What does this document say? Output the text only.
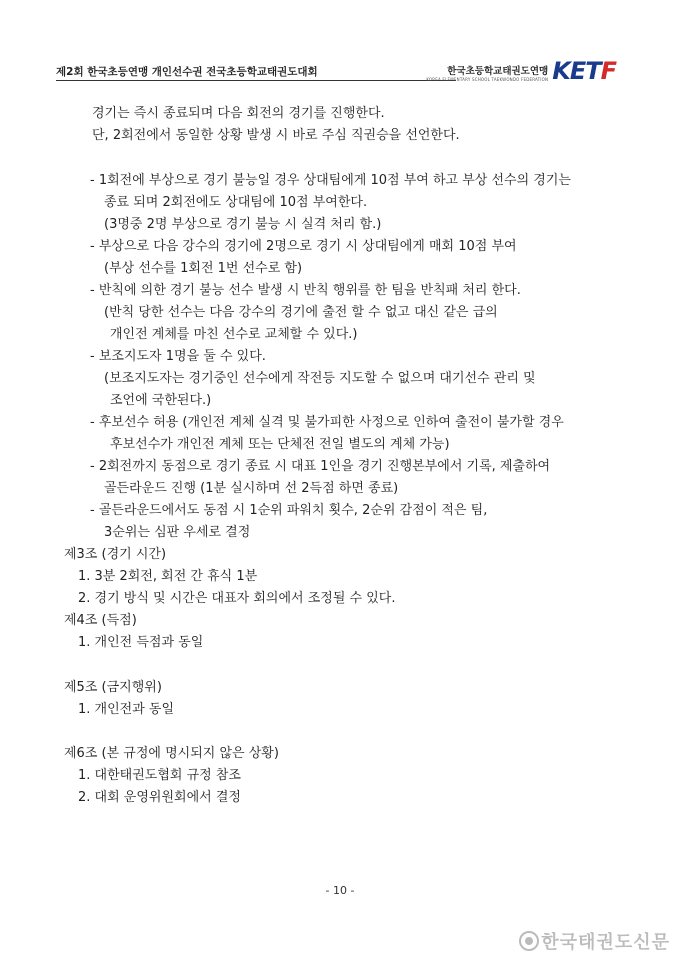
제2회 한국초등연맹 개인선수권 전국초등학교태권도대회	한국초등학교태권도연맹
KOREA ELEMENTARY SCHOOL TAEKWONDO FEDERATION KETF
경기는 즉시 종료되며 다음 회전의 경기를 진행한다.
단, 2회전에서 동일한 상황 발생 시 바로 주심 직권승을 선언한다.
- 1회전에 부상으로 경기 불능일 경우 상대팀에게 10점 부여 하고 부상 선수의 경기는
종료 되며 2회전에도 상대팀에 10점 부여한다.
(3명중 2명 부상으로 경기 불능 시 실격 처리 함.)
- 부상으로 다음 강수의 경기에 2명으로 경기 시 상대팀에게 매회 10점 부여
(부상 선수를 1회전 1번 선수로 함)
- 반칙에 의한 경기 불능 선수 발생 시 반칙 행위를 한 팀을 반칙패 처리 한다.
(반칙 당한 선수는 다음 강수의 경기에 출전 할 수 없고 대신 같은 급의
개인전 계체를 마친 선수로 교체할 수 있다.)
- 보조지도자 1명을 둘 수 있다.
(보조지도자는 경기중인 선수에게 작전등 지도할 수 없으며 대기선수 관리 및
조언에 국한된다.)
- 후보선수 허용 (개인전 계체 실격 및 불가피한 사정으로 인하여 출전이 불가할 경우
후보선수가 개인전 계체 또는 단체전 전일 별도의 계체 가능)
- 2회전까지 동점으로 경기 종료 시 대표 1인을 경기 진행본부에서 기록, 제출하여
골든라운드 진행 (1분 실시하며 선 2득점 하면 종료)
- 골든라운드에서도 동점 시 1순위 파워치 횟수, 2순위 감점이 적은 팀,
3순위는 심판 우세로 결정
제3조 (경기 시간)
1. 3분 2회전, 회전 간 휴식 1분
2. 경기 방식 및 시간은 대표자 회의에서 조정될 수 있다.
제4조 (득점)
1. 개인전 득점과 동일
제5조 (금지행위)
1. 개인전과 동일
제6조 (본 규정에 명시되지 않은 상황)
1. 대한태권도협회 규정 참조
2. 대회 운영위원회에서 결정
- 10 -
한국태권도신문
